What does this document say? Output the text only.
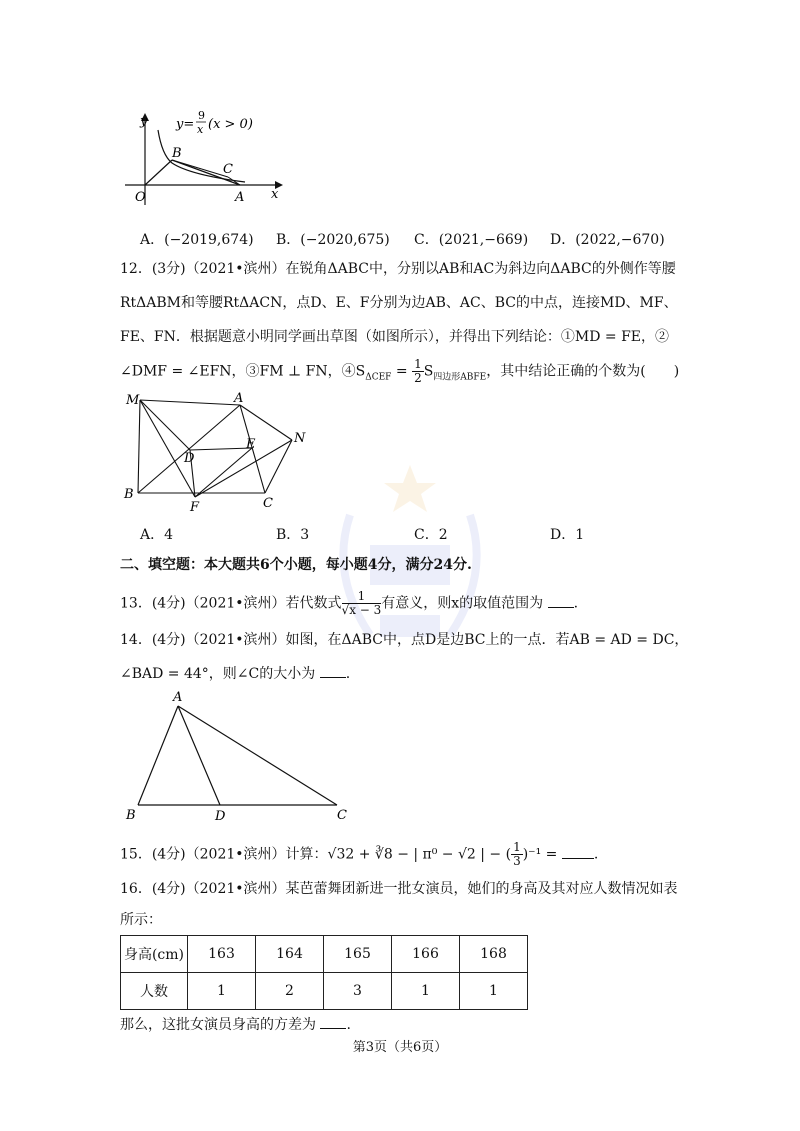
y
x
O
B
C
A
y=
9
x (x > 0)
A．(−2019,674) B．(−2020,675) C．(2021,−669) D．(2022,−670)
12．(3分)（2021•滨州）在锐角ΔABC中，分别以AB和AC为斜边向ΔABC的外侧作等腰
RtΔABM和等腰RtΔACN，点D、E、F分别为边AB、AC、BC的中点，连接MD、MF、
FE、FN．根据题意小明同学画出草图（如图所示），并得出下列结论：①MD = FE，②
∠DMF = ∠EFN，③FM ⊥ FN，$④S_{\Delta CEF} = \frac{1}{2} S_{四边形ABFE}$，其中结论正确的个数为(　　)
M	A
N
E
D
B
F	C
A．4	B．3	C．2	D．1
二、填空题：本大题共6个小题，每小题4分，满分24分.
13．(4分)（2021•滨州）若代数式 $\frac{1}{√x - 3}$ 有意义，则x的取值范围为 .
14．(4分)（2021•滨州）如图，在ΔABC中，点D是边BC上的一点．若AB = AD = DC，
∠BAD = 44°，则∠C的大小为 .
A
B	D	C
15．(4分)（2021•滨州）计算：√32 + ∛8 − | π⁰ − √2 | − ( $\frac{1}{3} )^{-1}$ =	.
16．(4分)（2021•滨州）某芭蕾舞团新进一批女演员，她们的身高及其对应人数情况如表
所示：
身高(cm)	163	164	165	166	168
人数	1	2	3	1	1
那么，这批女演员身高的方差为 .
第3页（共6页）
